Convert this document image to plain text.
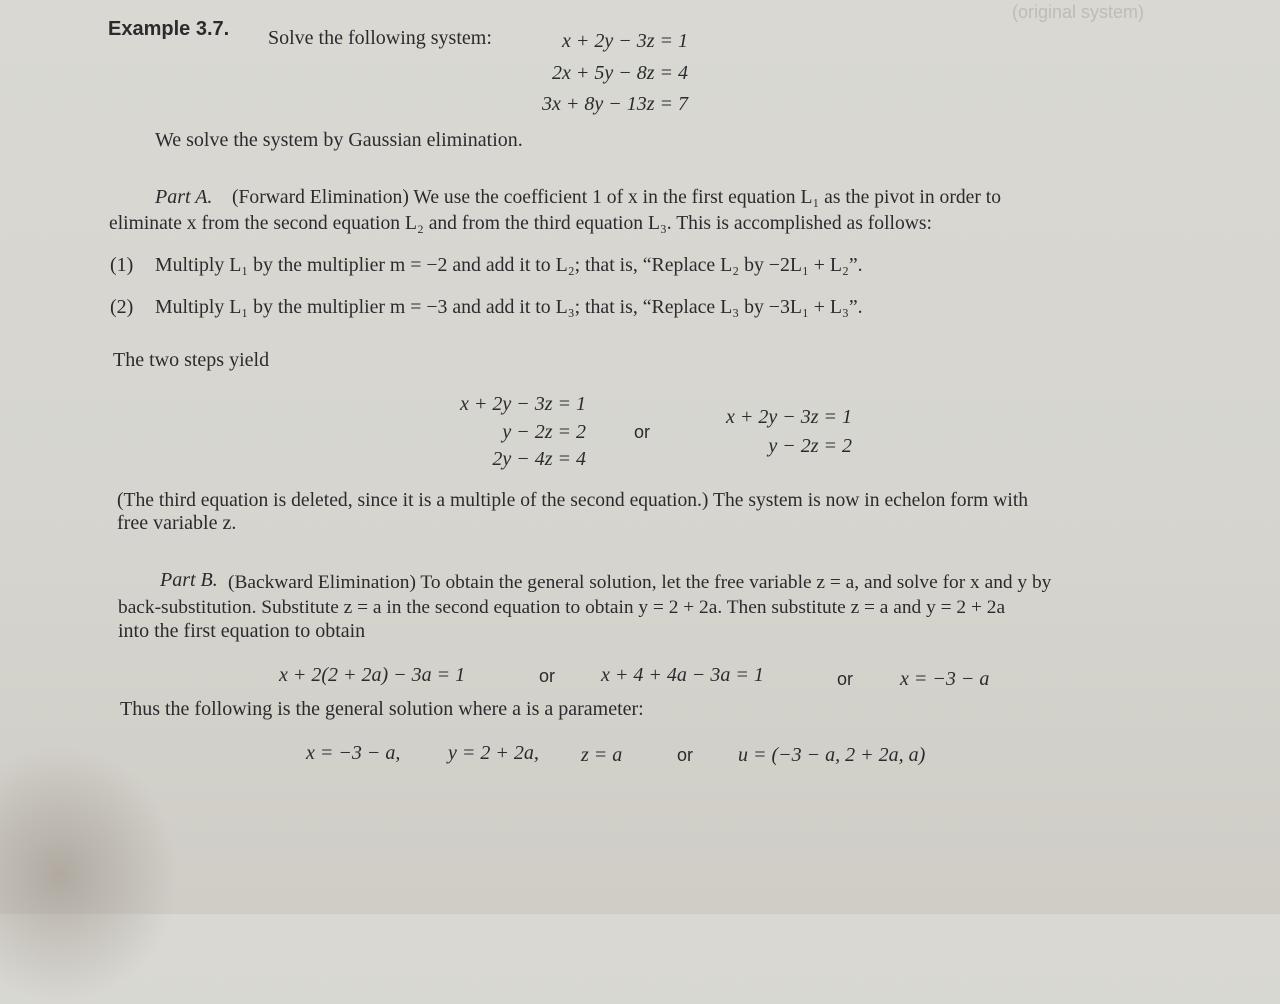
(original system)
Example 3.7. Solve the following system:	x + 2y − 3z = 1
2x + 5y − 8z = 4
3x + 8y − 13z = 7
We solve the system by Gaussian elimination.
Part A. (Forward Elimination) We use the coefficient 1 of x in the first equation L₁ as the pivot in order to
eliminate x from the second equation L₂ and from the third equation L₃. This is accomplished as follows:
(1) Multiply L₁ by the multiplier m = −2 and add it to L₂; that is, “Replace L₂ by −2L₁ + L₂”.
(2) Multiply L₁ by the multiplier m = −3 and add it to L₃; that is, “Replace L₃ by −3L₁ + L₃”.
The two steps yield
x + 2y − 3z = 1
y − 2z = 2
2y − 4z = 4
or
x + 2y − 3z = 1
y − 2z = 2
(The third equation is deleted, since it is a multiple of the second equation.) The system is now in echelon form with
free variable z.
Part B. (Backward Elimination) To obtain the general solution, let the free variable z = a, and solve for x and y by
back-substitution. Substitute z = a in the second equation to obtain y = 2 + 2a. Then substitute z = a and y = 2 + 2a
into the first equation to obtain
x + 2(2 + 2a) − 3a = 1	or x + 4 + 4a − 3a = 1	or x = −3 − a
Thus the following is the general solution where a is a parameter:
x = −3 − a, y = 2 + 2a, z = a	or u = (−3 − a, 2 + 2a, a)
